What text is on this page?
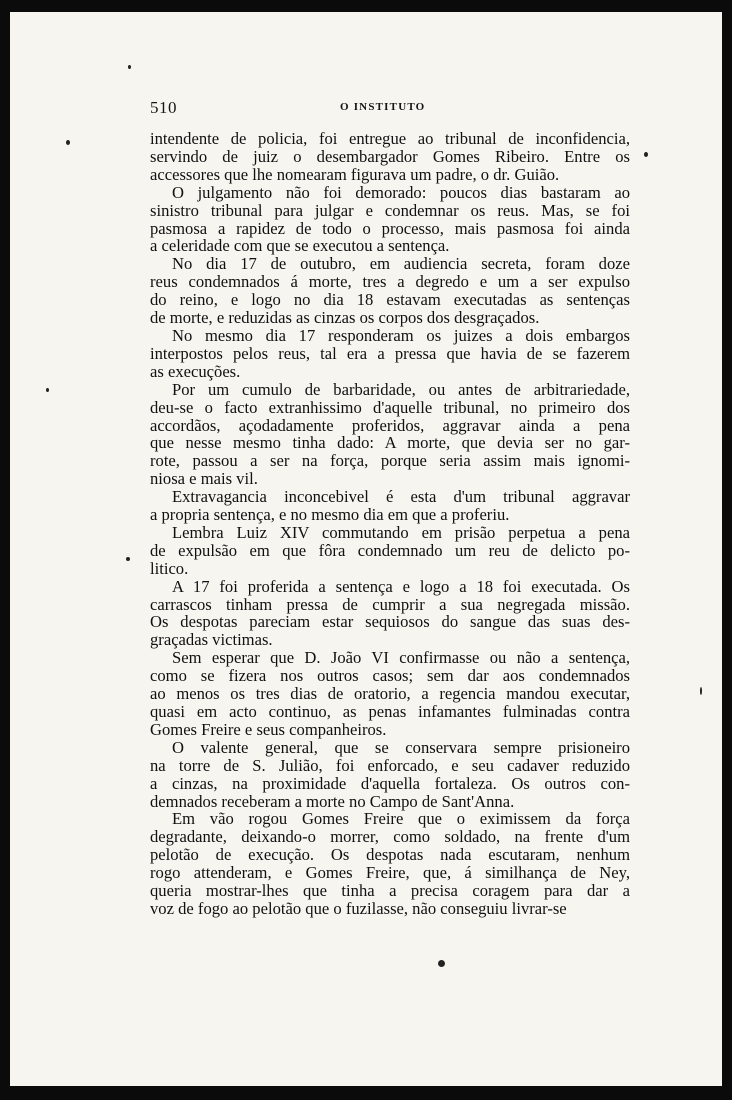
510	O INSTITUTO
intendente de policia, foi entregue ao tribunal de inconfidencia,
servindo de juiz o desembargador Gomes Ribeiro. Entre os
accessores que lhe nomearam figurava um padre, o dr. Guião.
O julgamento não foi demorado: poucos dias bastaram ao
sinistro tribunal para julgar e condemnar os reus. Mas, se foi
pasmosa a rapidez de todo o processo, mais pasmosa foi ainda
a celeridade com que se executou a sentença.
No dia 17 de outubro, em audiencia secreta, foram doze
reus condemnados á morte, tres a degredo e um a ser expulso
do reino, e logo no dia 18 estavam executadas as sentenças
de morte, e reduzidas as cinzas os corpos dos desgraçados.
No mesmo dia 17 responderam os juizes a dois embargos
interpostos pelos reus, tal era a pressa que havia de se fazerem
as execuções.
Por um cumulo de barbaridade, ou antes de arbitrariedade,
deu-se o facto extranhissimo d'aquelle tribunal, no primeiro dos
accordãos, açodadamente proferidos, aggravar ainda a pena
que nesse mesmo tinha dado: A morte, que devia ser no gar-
rote, passou a ser na força, porque seria assim mais ignomi-
niosa e mais vil.
Extravagancia inconcebivel é esta d'um tribunal aggravar
a propria sentença, e no mesmo dia em que a proferiu.
Lembra Luiz XIV commutando em prisão perpetua a pena
de expulsão em que fôra condemnado um reu de delicto po-
litico.
A 17 foi proferida a sentença e logo a 18 foi executada. Os
carrascos tinham pressa de cumprir a sua negregada missão.
Os despotas pareciam estar sequiosos do sangue das suas des-
graçadas victimas.
Sem esperar que D. João VI confirmasse ou não a sentença,
como se fizera nos outros casos; sem dar aos condemnados
ao menos os tres dias de oratorio, a regencia mandou executar,
quasi em acto continuo, as penas infamantes fulminadas contra
Gomes Freire e seus companheiros.
O valente general, que se conservara sempre prisioneiro
na torre de S. Julião, foi enforcado, e seu cadaver reduzido
a cinzas, na proximidade d'aquella fortaleza. Os outros con-
demnados receberam a morte no Campo de Sant'Anna.
Em vão rogou Gomes Freire que o eximissem da força
degradante, deixando-o morrer, como soldado, na frente d'um
pelotão de execução. Os despotas nada escutaram, nenhum
rogo attenderam, e Gomes Freire, que, á similhança de Ney,
queria mostrar-lhes que tinha a precisa coragem para dar a
voz de fogo ao pelotão que o fuzilasse, não conseguiu livrar-se
